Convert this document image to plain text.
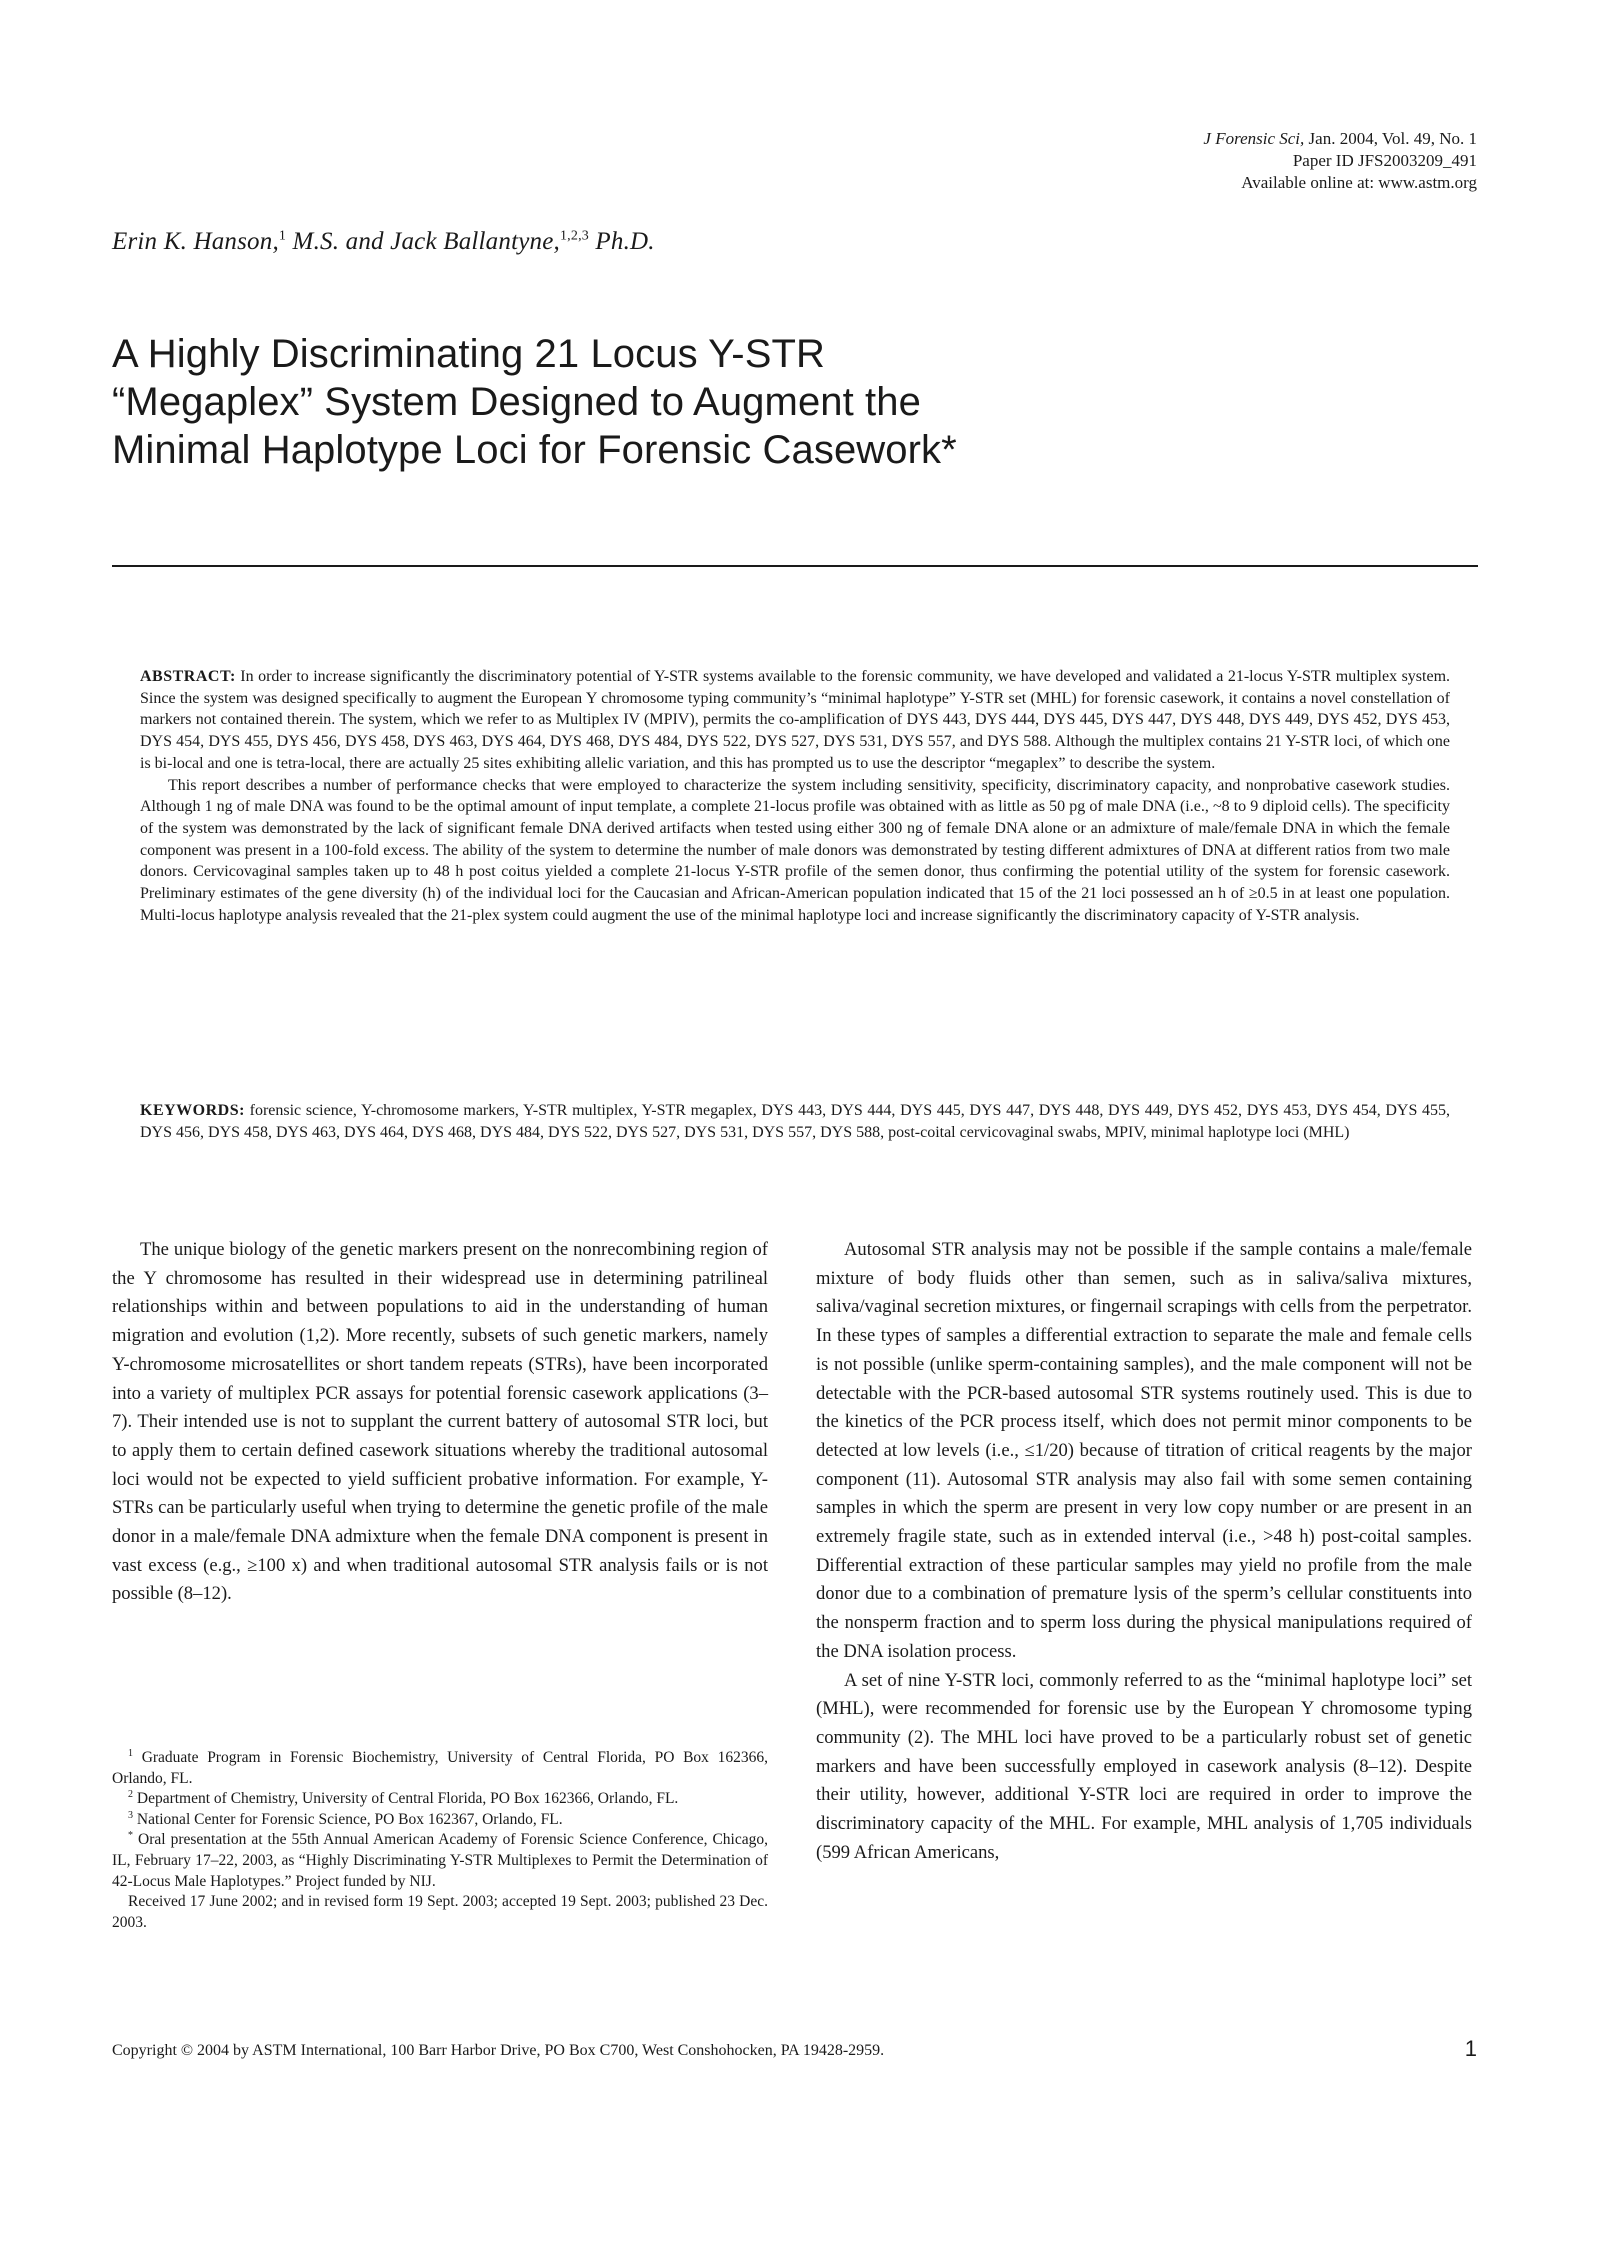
J Forensic Sci, Jan. 2004, Vol. 49, No. 1
Paper ID JFS2003209_491
Available online at: www.astm.org
Erin K. Hanson,$^1$ M.S. and Jack Ballantyne,$^{1,2,3}$ Ph.D.
A Highly Discriminating 21 Locus Y-STR
“Megaplex” System Designed to Augment the
Minimal Haplotype Loci for Forensic Casework*

ABSTRACT: In order to increase significantly the discriminatory potential of Y-STR systems available to the forensic community, we have developed and validated a 21-locus Y-STR multiplex system. Since the system was designed specifically to augment the European Y chromosome typing community’s “minimal haplotype” Y-STR set (MHL) for forensic casework, it contains a novel constellation of markers not contained therein. The system, which we refer to as Multiplex IV (MPIV), permits the co-amplification of DYS 443, DYS 444, DYS 445, DYS 447, DYS 448, DYS 449, DYS 452, DYS 453, DYS 454, DYS 455, DYS 456, DYS 458, DYS 463, DYS 464, DYS 468, DYS 484, DYS 522, DYS 527, DYS 531, DYS 557, and DYS 588. Although the multiplex contains 21 Y-STR loci, of which one is bi-local and one is tetra-local, there are actually 25 sites exhibiting allelic variation, and this has prompted us to use the descriptor “megaplex” to describe the system.

This report describes a number of performance checks that were employed to characterize the system including sensitivity, specificity, discriminatory capacity, and nonprobative casework studies. Although 1 ng of male DNA was found to be the optimal amount of input template, a complete 21-locus profile was obtained with as little as 50 pg of male DNA (i.e., ~8 to 9 diploid cells). The specificity of the system was demonstrated by the lack of significant female DNA derived artifacts when tested using either 300 ng of female DNA alone or an admixture of male/female DNA in which the female component was present in a 100-fold excess. The ability of the system to determine the number of male donors was demonstrated by testing different admixtures of DNA at different ratios from two male donors. Cervicovaginal samples taken up to 48 h post coitus yielded a complete 21-locus Y-STR profile of the semen donor, thus confirming the potential utility of the system for forensic casework. Preliminary estimates of the gene diversity (h) of the individual loci for the Caucasian and African-American population indicated that 15 of the 21 loci possessed an h of ≥0.5 in at least one population. Multi-locus haplotype analysis revealed that the 21-plex system could augment the use of the minimal haplotype loci and increase significantly the discriminatory capacity of Y-STR analysis.

KEYWORDS: forensic science, Y-chromosome markers, Y-STR multiplex, Y-STR megaplex, DYS 443, DYS 444, DYS 445, DYS 447, DYS 448, DYS 449, DYS 452, DYS 453, DYS 454, DYS 455, DYS 456, DYS 458, DYS 463, DYS 464, DYS 468, DYS 484, DYS 522, DYS 527, DYS 531, DYS 557, DYS 588, post-coital cervicovaginal swabs, MPIV, minimal haplotype loci (MHL)

The unique biology of the genetic markers present on the nonrecombining region of the Y chromosome has resulted in their widespread use in determining patrilineal relationships within and between populations to aid in the understanding of human migration and evolution (1,2). More recently, subsets of such genetic markers, namely Y-chromosome microsatellites or short tandem repeats (STRs), have been incorporated into a variety of multiplex PCR assays for potential forensic casework applications (3–7). Their intended use is not to supplant the current battery of autosomal STR loci, but to apply them to certain defined casework situations whereby the traditional autosomal loci would not be expected to yield sufficient probative information. For example, Y-STRs can be particularly useful when trying to determine the genetic profile of the male donor in a male/female DNA admixture when the female DNA component is present in vast excess (e.g., ≥100 x) and when traditional autosomal STR analysis fails or is not possible (8–12).

$^1$ Graduate Program in Forensic Biochemistry, University of Central Florida, PO Box 162366, Orlando, FL.

$^2$ Department of Chemistry, University of Central Florida, PO Box 162366, Orlando, FL.

$^3$ National Center for Forensic Science, PO Box 162367, Orlando, FL.

* Oral presentation at the 55th Annual American Academy of Forensic Science Conference, Chicago, IL, February 17–22, 2003, as “Highly Discriminating Y-STR Multiplexes to Permit the Determination of 42-Locus Male Haplotypes.” Project funded by NIJ.

Received 17 June 2002; and in revised form 19 Sept. 2003; accepted 19 Sept. 2003; published 23 Dec. 2003.

Autosomal STR analysis may not be possible if the sample contains a male/female mixture of body fluids other than semen, such as in saliva/saliva mixtures, saliva/vaginal secretion mixtures, or fingernail scrapings with cells from the perpetrator. In these types of samples a differential extraction to separate the male and female cells is not possible (unlike sperm-containing samples), and the male component will not be detectable with the PCR-based autosomal STR systems routinely used. This is due to the kinetics of the PCR process itself, which does not permit minor components to be detected at low levels (i.e., ≤1/20) because of titration of critical reagents by the major component (11). Autosomal STR analysis may also fail with some semen containing samples in which the sperm are present in very low copy number or are present in an extremely fragile state, such as in extended interval (i.e., >48 h) post-coital samples. Differential extraction of these particular samples may yield no profile from the male donor due to a combination of premature lysis of the sperm’s cellular constituents into the nonsperm fraction and to sperm loss during the physical manipulations required of the DNA isolation process.

A set of nine Y-STR loci, commonly referred to as the “minimal haplotype loci” set (MHL), were recommended for forensic use by the European Y chromosome typing community (2). The MHL loci have proved to be a particularly robust set of genetic markers and have been successfully employed in casework analysis (8–12). Despite their utility, however, additional Y-STR loci are required in order to improve the discriminatory capacity of the MHL. For example, MHL analysis of 1,705 individuals (599 African Americans,

Copyright © 2004 by ASTM International, 100 Barr Harbor Drive, PO Box C700, West Conshohocken, PA 19428-2959.	1
